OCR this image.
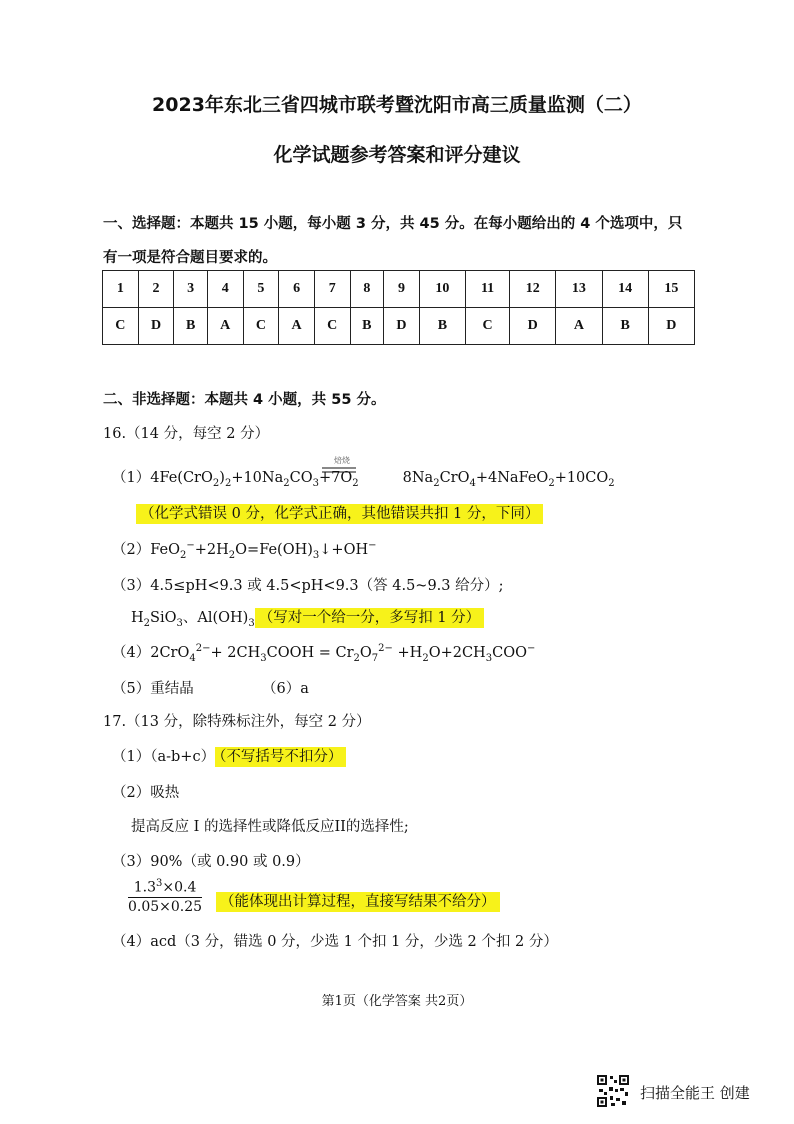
2023年东北三省四城市联考暨沈阳市高三质量监测（二）
化学试题参考答案和评分建议
一、选择题：本题共 15 小题，每小题 3 分，共 45 分。在每小题给出的 4 个选项中，只
有一项是符合题目要求的。
1	2	3	4	5	6	7	8	9	10	11	12	13	14	15
C	D	B	A	C	A	C	B	D	B	C	D	A	B	D
二、非选择题：本题共 4 小题，共 55 分。
16.（14 分，每空 2 分）
$(1)4Fe(CrO_2)_2+10Na_2CO_3+7O_2$	$8Na_2CrO_4+4NaFeO_2+10CO_2$
焙烧
（化学式错误 0 分，化学式正确，其他错误共扣 1 分，下同）
$(2)FeO_2^-+2H_2O=Fe(OH)_3↓+OH^-$
（3）4.5≤pH<9.3 或 4.5<pH<9.3（答 4.5~9.3 给分）;
$H_2SiO_3$、$Al(OH)_3$ （写对一个给一分，多写扣 1 分）
$(4)2CrO_4^{2-}+ 2CH_3COOH = Cr_2O_7^{2-} +H_2O+2CH_3COO^-$
（5）重结晶	（6）a
17.（13 分，除特殊标注外，每空 2 分）
（1）（a-b+c） （不写括号不扣分）
（2）吸热
提高反应 I 的选择性或降低反应II的选择性;
（3）90%（或 0.90 或 0.9）
$\frac{1.3^3\times 0.4}{0.05\times 0.25}$ （能体现出计算过程，直接写结果不给分）
（4）acd（3 分，错选 0 分，少选 1 个扣 1 分，少选 2 个扣 2 分）
第1页（化学答案 共2页）
扫描全能王 创建
